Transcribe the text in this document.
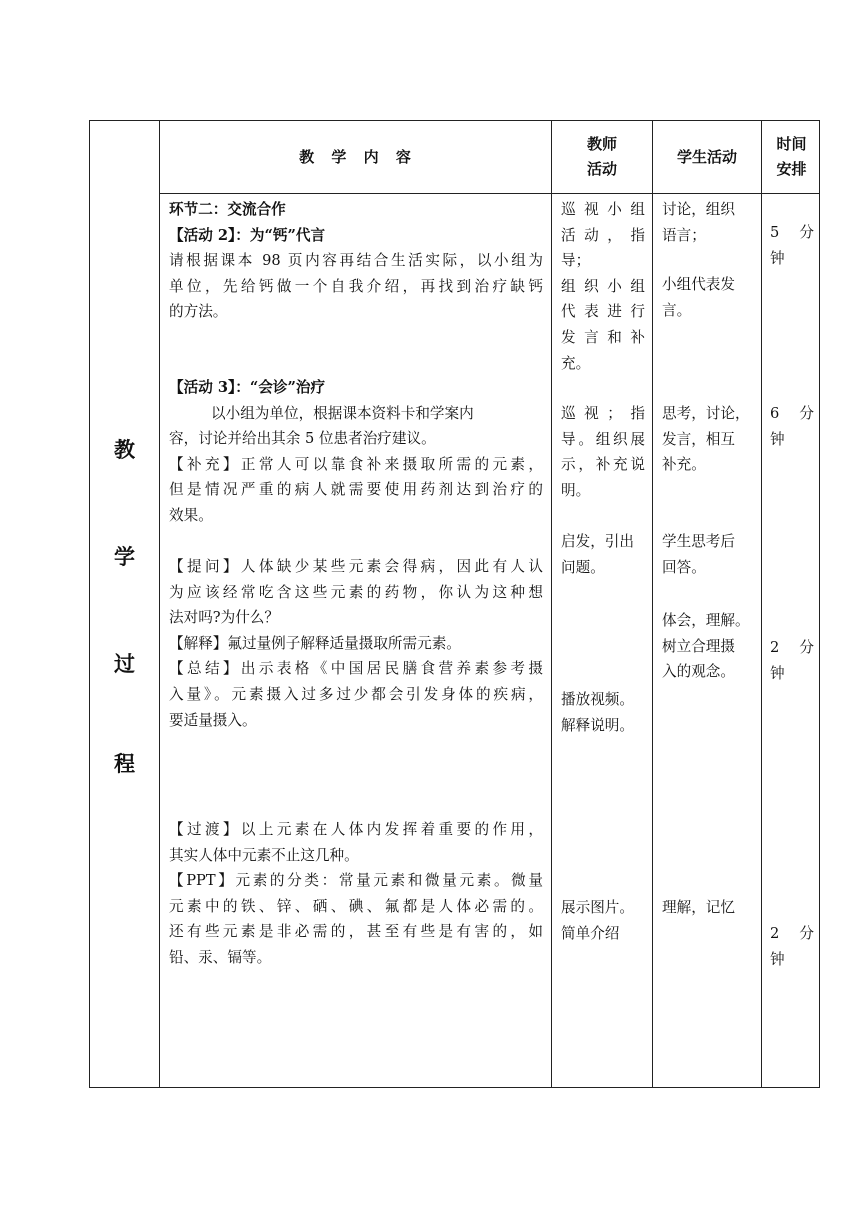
教 学 内 容
教师
活动
学生活动
时间
安排
教
学
过
程

环节二：交流合作

【活动 2】：为“钙”代言

请根据课本 98 页内容再结合生活实际，以小组为

单位，先给钙做一个自我介绍，再找到治疗缺钙

的方法。

【活动 3】：“会诊”治疗

以小组为单位，根据课本资料卡和学案内

容，讨论并给出其余 5 位患者治疗建议。

【补充】正常人可以靠食补来摄取所需的元素，

但是情况严重的病人就需要使用药剂达到治疗的

效果。

【提问】人体缺少某些元素会得病，因此有人认

为应该经常吃含这些元素的药物，你认为这种想

法对吗?为什么？

【解释】氟过量例子解释适量摄取所需元素。

【总结】出示表格《中国居民膳食营养素参考摄

入量》。元素摄入过多过少都会引发身体的疾病，

要适量摄入。

【过渡】以上元素在人体内发挥着重要的作用，

其实人体中元素不止这几种。

【PPT】元素的分类：常量元素和微量元素。微量

元素中的铁、锌、硒、碘、氟都是人体必需的。

还有些元素是非必需的，甚至有些是有害的，如

铅、汞、镉等。

巡视小组

活动，指

导；

组织小组

代表进行

发言和补

充。

巡视；指

导。组织展

示，补充说

明。

启发，引出

问题。

播放视频。

解释说明。

展示图片。

简单介绍

讨论，组织

语言；

小组代表发

言。

思考，讨论，

发言，相互

补充。

学生思考后

回答。

体会，理解。

树立合理摄

入的观念。

理解，记忆

5 分

钟

6 分

钟

2 分

钟

2 分

钟
